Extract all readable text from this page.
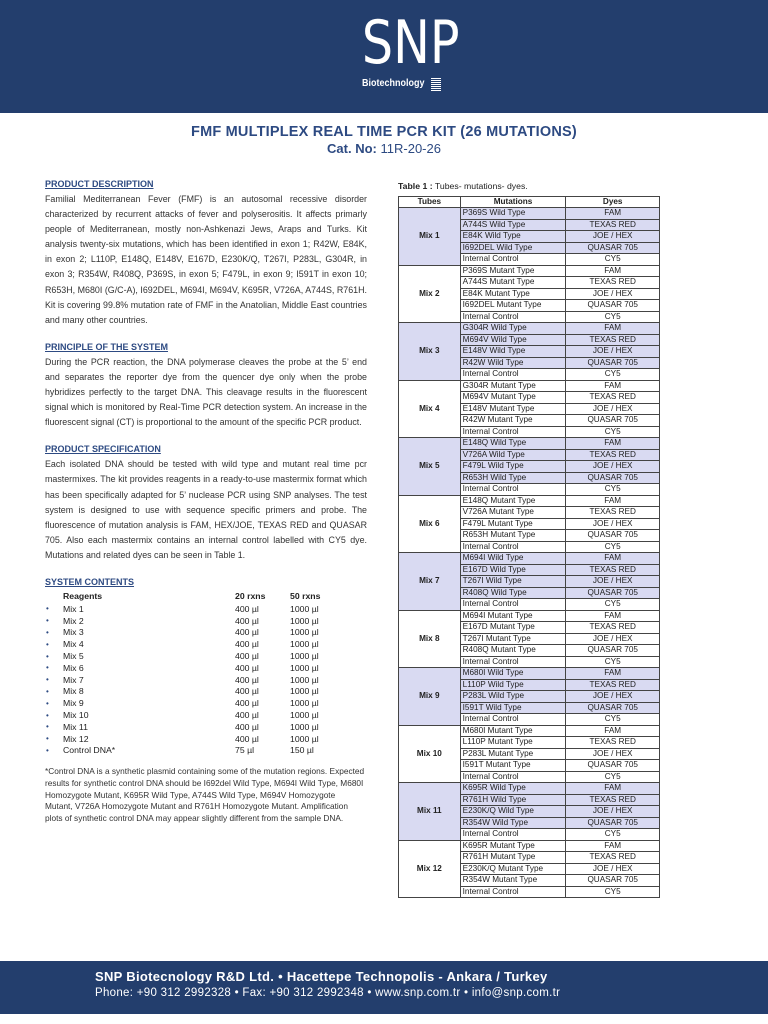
SNP
Biotechnology
FMF MULTIPLEX REAL TIME PCR KIT (26 MUTATIONS)
Cat. No: 11R-20-26
PRODUCT DESCRIPTION
Familial Mediterranean Fever (FMF) is an autosomal recessive disorder characterized by recurrent attacks of fever and polyserositis. It affects primarly people of Mediterranean, mostly non-Ashkenazi Jews, Araps and Turks. Kit analysis twenty-six mutations, which has been identified in exon 1; R42W, E84K, in exon 2; L110P, E148Q, E148V, E167D, E230K/Q, T267I, P283L, G304R, in exon 3; R354W, R408Q, P369S, in exon 5; F479L, in exon 9; I591T in exon 10; R653H, M680I (G/C-A), I692DEL, M694I, M694V, K695R, V726A, A744S, R761H. Kit is covering 99.8% mutation rate of FMF in the Anatolian, Middle East countries and many other countries.
PRINCIPLE OF THE SYSTEM
During the PCR reaction, the DNA polymerase cleaves the probe at the 5’ end and separates the reporter dye from the quencer dye only when the probe hybridizes perfectly to the target DNA. This cleavage results in the fluorescent signal which is monitored by Real-Time PCR detection system. An increase in the fluorescent signal (CT) is proportional to the amount of the specific PCR product.
PRODUCT SPECIFICATION
Each isolated DNA should be tested with wild type and mutant real time pcr mastermixes. The kit provides reagents in a ready-to-use mastermix format which has been specifically adapted for 5’ nuclease PCR using SNP analyses. The test system is designed to use with sequence specific primers and probe. The fluorescence of mutation analysis is FAM, HEX/JOE, TEXAS RED and QUASAR 705. Also each mastermix contains an internal control labelled with CY5 dye. Mutations and related dyes can be seen in Table 1.
SYSTEM CONTENTS
	Reagents	20 rxns	50 rxns
•	Mix 1	400 µl	1000 µl
•	Mix 2	400 µl	1000 µl
•	Mix 3	400 µl	1000 µl
•	Mix 4	400 µl	1000 µl
•	Mix 5	400 µl	1000 µl
•	Mix 6	400 µl	1000 µl
•	Mix 7	400 µl	1000 µl
•	Mix 8	400 µl	1000 µl
•	Mix 9	400 µl	1000 µl
•	Mix 10	400 µl	1000 µl
•	Mix 11	400 µl	1000 µl
•	Mix 12	400 µl	1000 µl
•	Control DNA*	75 µl	150 µl
*Control DNA is a synthetic plasmid containing some of the mutation regions. Expected results for synthetic control DNA should be I692del Wild Type, M694I Wild Type, M680I Homozygote Mutant, K695R Wild Type, A744S Wild Type, M694V Homozygote Mutant, V726A Homozygote Mutant and R761H Homozygote Mutant. Amplification plots of synthetic control DNA may appear slightly different from the sample DNA.
Table 1 : Tubes- mutations- dyes.
Tubes	Mutations	Dyes
Mix 1	P369S Wild Type	FAM
	A744S Wild Type	TEXAS RED
	E84K Wild Type	JOE / HEX
	I692DEL Wild Type	QUASAR 705
	Internal Control	CY5
Mix 2	P369S Mutant Type	FAM
	A744S Mutant Type	TEXAS RED
	E84K Mutant Type	JOE / HEX
	I692DEL Mutant Type	QUASAR 705
	Internal Control	CY5
Mix 3	G304R Wild Type	FAM
	M694V Wild Type	TEXAS RED
	E148V Wild Type	JOE / HEX
	R42W Wild Type	QUASAR 705
	Internal Control	CY5
Mix 4	G304R Mutant Type	FAM
	M694V Mutant Type	TEXAS RED
	E148V Mutant Type	JOE / HEX
	R42W Mutant Type	QUASAR 705
	Internal Control	CY5
Mix 5	E148Q Wild Type	FAM
	V726A Wild Type	TEXAS RED
	F479L Wild Type	JOE / HEX
	R653H Wild Type	QUASAR 705
	Internal Control	CY5
Mix 6	E148Q Mutant Type	FAM
	V726A Mutant Type	TEXAS RED
	F479L Mutant Type	JOE / HEX
	R653H Mutant Type	QUASAR 705
	Internal Control	CY5
Mix 7	M694I Wild Type	FAM
	E167D Wild Type	TEXAS RED
	T267I Wild Type	JOE / HEX
	R408Q Wild Type	QUASAR 705
	Internal Control	CY5
Mix 8	M694I Mutant Type	FAM
	E167D Mutant Type	TEXAS RED
	T267I Mutant Type	JOE / HEX
	R408Q Mutant Type	QUASAR 705
	Internal Control	CY5
Mix 9	M680I Wild Type	FAM
	L110P Wild Type	TEXAS RED
	P283L Wild Type	JOE / HEX
	I591T Wild Type	QUASAR 705
	Internal Control	CY5
Mix 10	M680I Mutant Type	FAM
	L110P Mutant Type	TEXAS RED
	P283L Mutant Type	JOE / HEX
	I591T Mutant Type	QUASAR 705
	Internal Control	CY5
Mix 11	K695R Wild Type	FAM
	R761H Wild Type	TEXAS RED
	E230K/Q Wild Type	JOE / HEX
	R354W Wild Type	QUASAR 705
	Internal Control	CY5
Mix 12	K695R Mutant Type	FAM
	R761H Mutant Type	TEXAS RED
	E230K/Q Mutant Type	JOE / HEX
	R354W Mutant Type	QUASAR 705
	Internal Control	CY5
SNP Biotecnology R&D Ltd. • Hacettepe Technopolis - Ankara / Turkey
Phone: +90 312 2992328 • Fax: +90 312 2992348 • www.snp.com.tr • info@snp.com.tr
